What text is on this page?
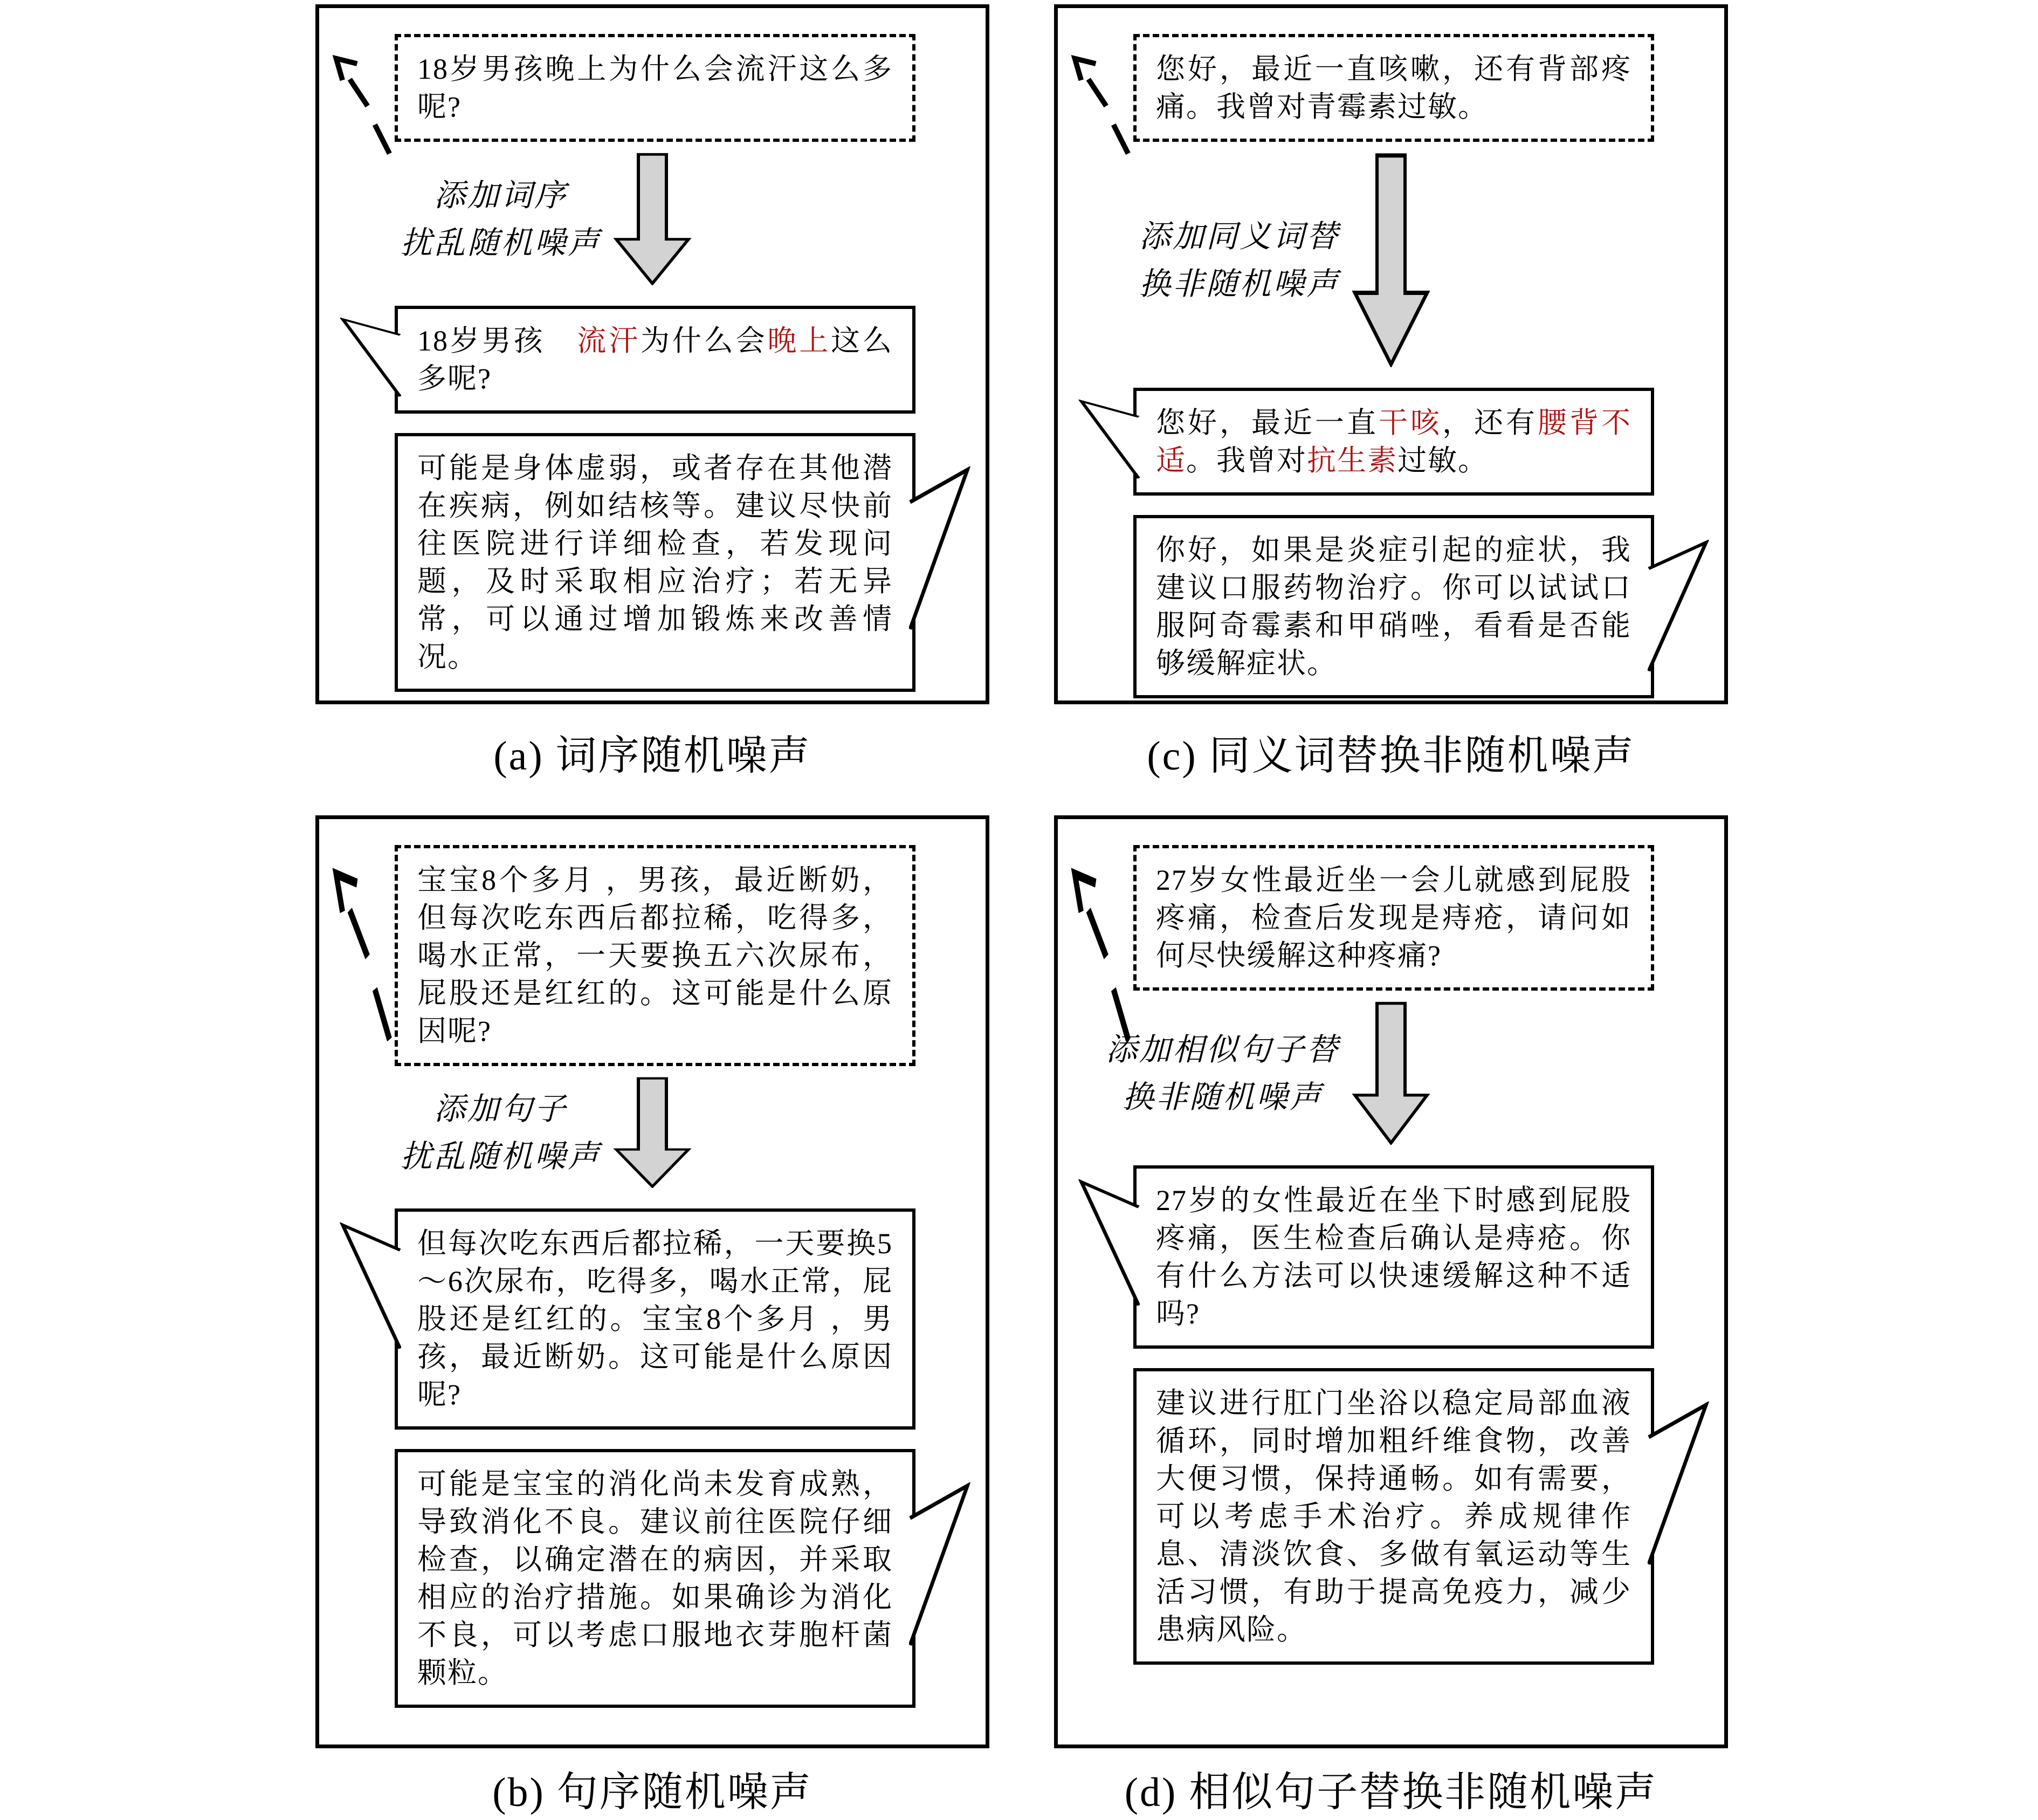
18岁男孩晚上为什么会流汗这么多呢?
添加词序
扰乱随机噪声
18岁男孩　流汗为什么会晚上这么多呢?
可能是身体虚弱，或者存在其他潜在疾病，例如结核等。建议尽快前往医院进行详细检查，若发现问题，及时采取相应治疗；若无异常，可以通过增加锻炼来改善情况。
(a) 词序随机噪声
您好，最近一直咳嗽，还有背部疼痛。我曾对青霉素过敏。
添加同义词替
换非随机噪声
您好，最近一直干咳，还有腰背不适。我曾对抗生素过敏。
你好，如果是炎症引起的症状，我建议口服药物治疗。你可以试试口服阿奇霉素和甲硝唑，看看是否能够缓解症状。
(c) 同义词替换非随机噪声
宝宝8个多月 ，男孩，最近断奶，但每次吃东西后都拉稀，吃得多，喝水正常，一天要换五六次尿布，屁股还是红红的。这可能是什么原因呢?
添加句子
扰乱随机噪声
但每次吃东西后都拉稀，一天要换5～6次尿布，吃得多，喝水正常，屁股还是红红的。宝宝8个多月 ，男孩，最近断奶。这可能是什么原因呢?
可能是宝宝的消化尚未发育成熟，导致消化不良。建议前往医院仔细检查，以确定潜在的病因，并采取相应的治疗措施。如果确诊为消化不良，可以考虑口服地衣芽胞杆菌颗粒。
(b) 句序随机噪声
27岁女性最近坐一会儿就感到屁股疼痛，检查后发现是痔疮，请问如何尽快缓解这种疼痛?
添加相似句子替
换非随机噪声
27岁的女性最近在坐下时感到屁股疼痛，医生检查后确认是痔疮。你有什么方法可以快速缓解这种不适吗?
建议进行肛门坐浴以稳定局部血液循环，同时增加粗纤维食物，改善大便习惯，保持通畅。如有需要，可以考虑手术治疗。养成规律作息、清淡饮食、多做有氧运动等生活习惯，有助于提高免疫力，减少患病风险。
(d) 相似句子替换非随机噪声
